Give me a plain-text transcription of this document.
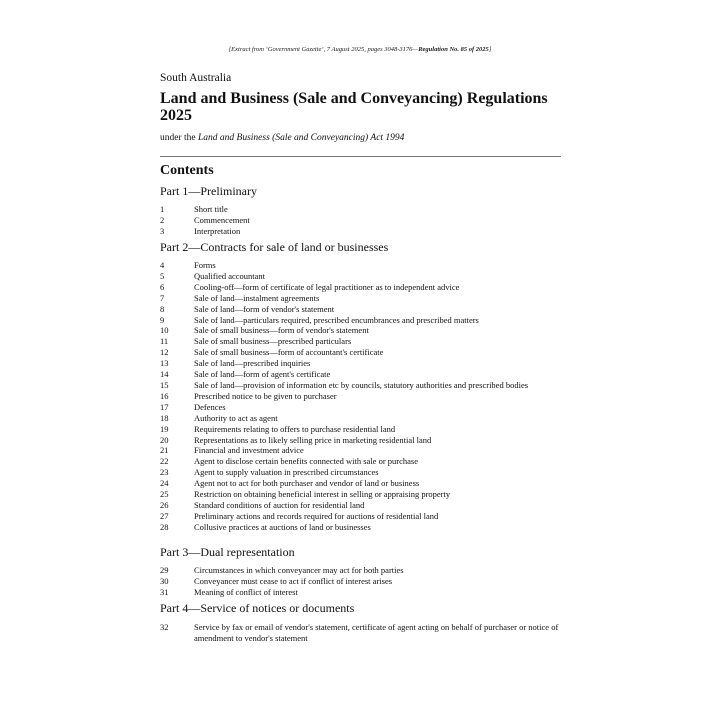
[Extract from ‘Government Gazette’, 7 August 2025, pages 3048-3176—Regulation No. 85 of 2025]
South Australia
Land and Business (Sale and Conveyancing) Regulations 2025
under the Land and Business (Sale and Conveyancing) Act 1994
Contents
Part 1—Preliminary
1	Short title
2	Commencement
3	Interpretation
Part 2—Contracts for sale of land or businesses
4	Forms
5	Qualified accountant
6	Cooling-off—form of certificate of legal practitioner as to independent advice
7	Sale of land—instalment agreements
8	Sale of land—form of vendor's statement
9	Sale of land—particulars required, prescribed encumbrances and prescribed matters
10	Sale of small business—form of vendor's statement
11	Sale of small business—prescribed particulars
12	Sale of small business—form of accountant's certificate
13	Sale of land—prescribed inquiries
14	Sale of land—form of agent's certificate
15	Sale of land—provision of information etc by councils, statutory authorities and prescribed bodies
16	Prescribed notice to be given to purchaser
17	Defences
18	Authority to act as agent
19	Requirements relating to offers to purchase residential land
20	Representations as to likely selling price in marketing residential land
21	Financial and investment advice
22	Agent to disclose certain benefits connected with sale or purchase
23	Agent to supply valuation in prescribed circumstances
24	Agent not to act for both purchaser and vendor of land or business
25	Restriction on obtaining beneficial interest in selling or appraising property
26	Standard conditions of auction for residential land
27	Preliminary actions and records required for auctions of residential land
28	Collusive practices at auctions of land or businesses
Part 3—Dual representation
29	Circumstances in which conveyancer may act for both parties
30	Conveyancer must cease to act if conflict of interest arises
31	Meaning of conflict of interest
Part 4—Service of notices or documents
32	Service by fax or email of vendor's statement, certificate of agent acting on behalf of purchaser or notice of amendment to vendor's statement
